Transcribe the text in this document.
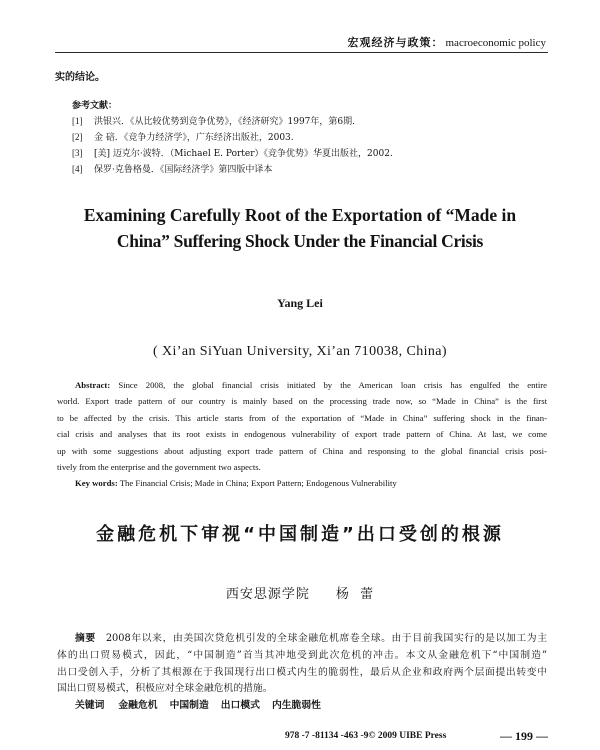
宏观经济与政策： macroeconomic policy
实的结论。
参考文献：
[1] 洪银兴．《从比较优势到竞争优势》，《经济研究》1997年，第6期．
[2] 金 碚．《竞争力经济学》，广东经济出版社，2003.
[3] [美] 迈克尔·波特．（Michael E. Porter）《竞争优势》华夏出版社，2002.
[4] 保罗·克鲁格曼．《国际经济学》第四版中译本
Examining Carefully Root of the Exportation of “Made in
China” Suffering Shock Under the Financial Crisis
Yang Lei
( Xi’an SiYuan University, Xi’an 710038, China)
Abstract: Since 2008, the global financial crisis initiated by the American loan crisis has engulfed the entire
world. Export trade pattern of our country is mainly based on the processing trade now, so “Made in China” is the first
to be affected by the crisis. This article starts from of the exportation of “Made in China” suffering shock in the finan-
cial crisis and analyses that its root exists in endogenous vulnerability of export trade pattern of China. At last, we come
up with some suggestions about adjusting export trade pattern of China and responsing to the global financial crisis posi-
tively from the enterprise and the government two aspects.
Key words: The Financial Crisis; Made in China; Export Pattern; Endogenous Vulnerability
金融危机下审视“中国制造”出口受创的根源
西安思源学院 杨  蕾
摘要 2008年以来，由美国次贷危机引发的全球金融危机席卷全球。由于目前我国实行的是以加工为主
体的出口贸易模式，因此，“中国制造”首当其冲地受到此次危机的冲击。本文从金融危机下“中国制造”
出口受创入手，分析了其根源在于我国现行出口模式内生的脆弱性，最后从企业和政府两个层面提出转变中
国出口贸易模式，积极应对全球金融危机的措施。
关键词 金融危机 中国制造 出口模式 内生脆弱性
978 -7 -81134 -463 -9© 2009 UIBE Press	— 199 —
